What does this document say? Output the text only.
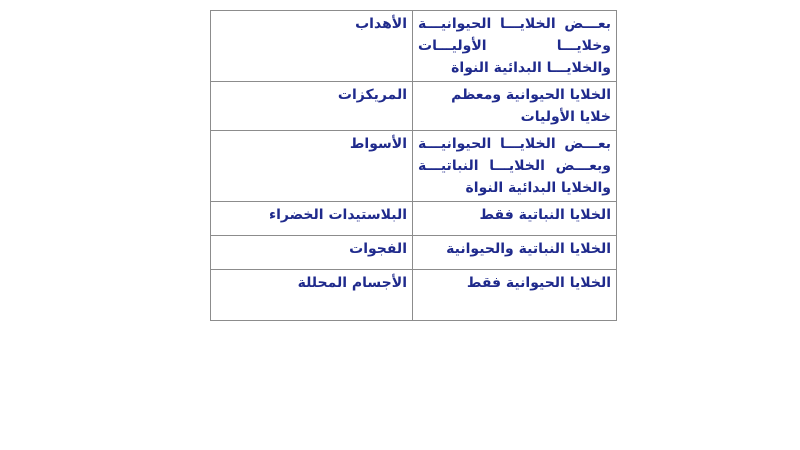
بعـــض الخلايـــا الحيوانيـــة وخلايـــا الأوليـــات والخلايـــا البدائية النواة	الأهداب
الخلايا الحيوانية ومعظم خلايا الأوليات	المريكزات
بعـــض الخلايـــا الحيوانيـــة وبعـــض الخلايـــا النباتيـــة والخلايا البدائية النواة	الأسواط
الخلايا النباتية فقط	البلاستيدات الخضراء
الخلايا النباتية والحيوانية	الفجوات
الخلايا الحيوانية فقط	الأجسام المحللة
